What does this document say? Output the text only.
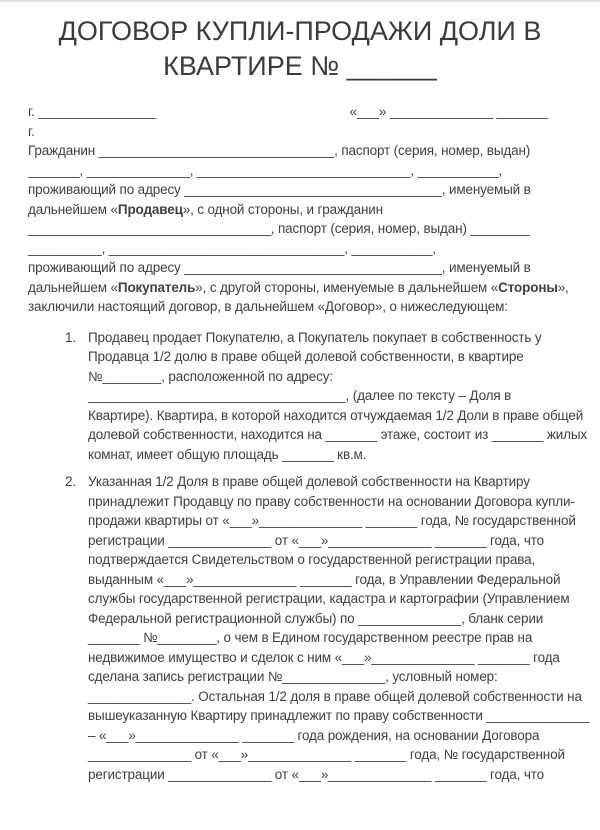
ДОГОВОР КУПЛИ-ПРОДАЖИ ДОЛИ В
КВАРТИРЕ № ______
г. ________________	«___» ______________ _______
г.
Гражданин ________________________________, паспорт (серия, номер, выдан)
_______, ______________, _____________________________, ___________,
проживающий по адресу ___________________________________, именуемый в
дальнейшем «Продавец», с одной стороны, и гражданин
_________________________________, паспорт (серия, номер, выдан) ________
__________, ________________________________, ___________,
проживающий по адресу ___________________________________, именуемый в
дальнейшем «Покупатель», с другой стороны, именуемые в дальнейшем «Стороны»,
заключили настоящий договор, в дальнейшем «Договор», о нижеследующем:
1. Продавец продает Покупателю, а Покупатель покупает в собственность у
Продавца 1/2 долю в праве общей долевой собственности, в квартире
№________, расположенной по адресу:
___________________________________, (далее по тексту – Доля в
Квартире). Квартира, в которой находится отчуждаемая 1/2 Доли в праве общей
долевой собственности, находится на _______ этаже, состоит из _______ жилых
комнат, имеет общую площадь _______ кв.м.
2. Указанная 1/2 Доля в праве общей долевой собственности на Квартиру
принадлежит Продавцу по праву собственности на основании Договора купли-
продажи квартиры от «___»______________ _______ года, № государственной
регистрации ______________ от «___»______________ _______ года, что
подтверждается Свидетельством о государственной регистрации права,
выданным «___»______________ _______ года, в Управлении Федеральной
службы государственной регистрации, кадастра и картографии (Управлением
Федеральной регистрационной службы) по ______________, бланк серии
_______ №________, о чем в Едином государственном реестре прав на
недвижимое имущество и сделок с ним «___»______________ _______ года
сделана запись регистрации №______________, условный номер:
______________. Остальная 1/2 доля в праве общей долевой собственности на
вышеуказанную Квартиру принадлежит по праву собственности ______________
– «___»______________ _______ года рождения, на основании Договора
______________ от «___»______________ _______ года, № государственной
регистрации ______________ от «___»______________ _______ года, что
